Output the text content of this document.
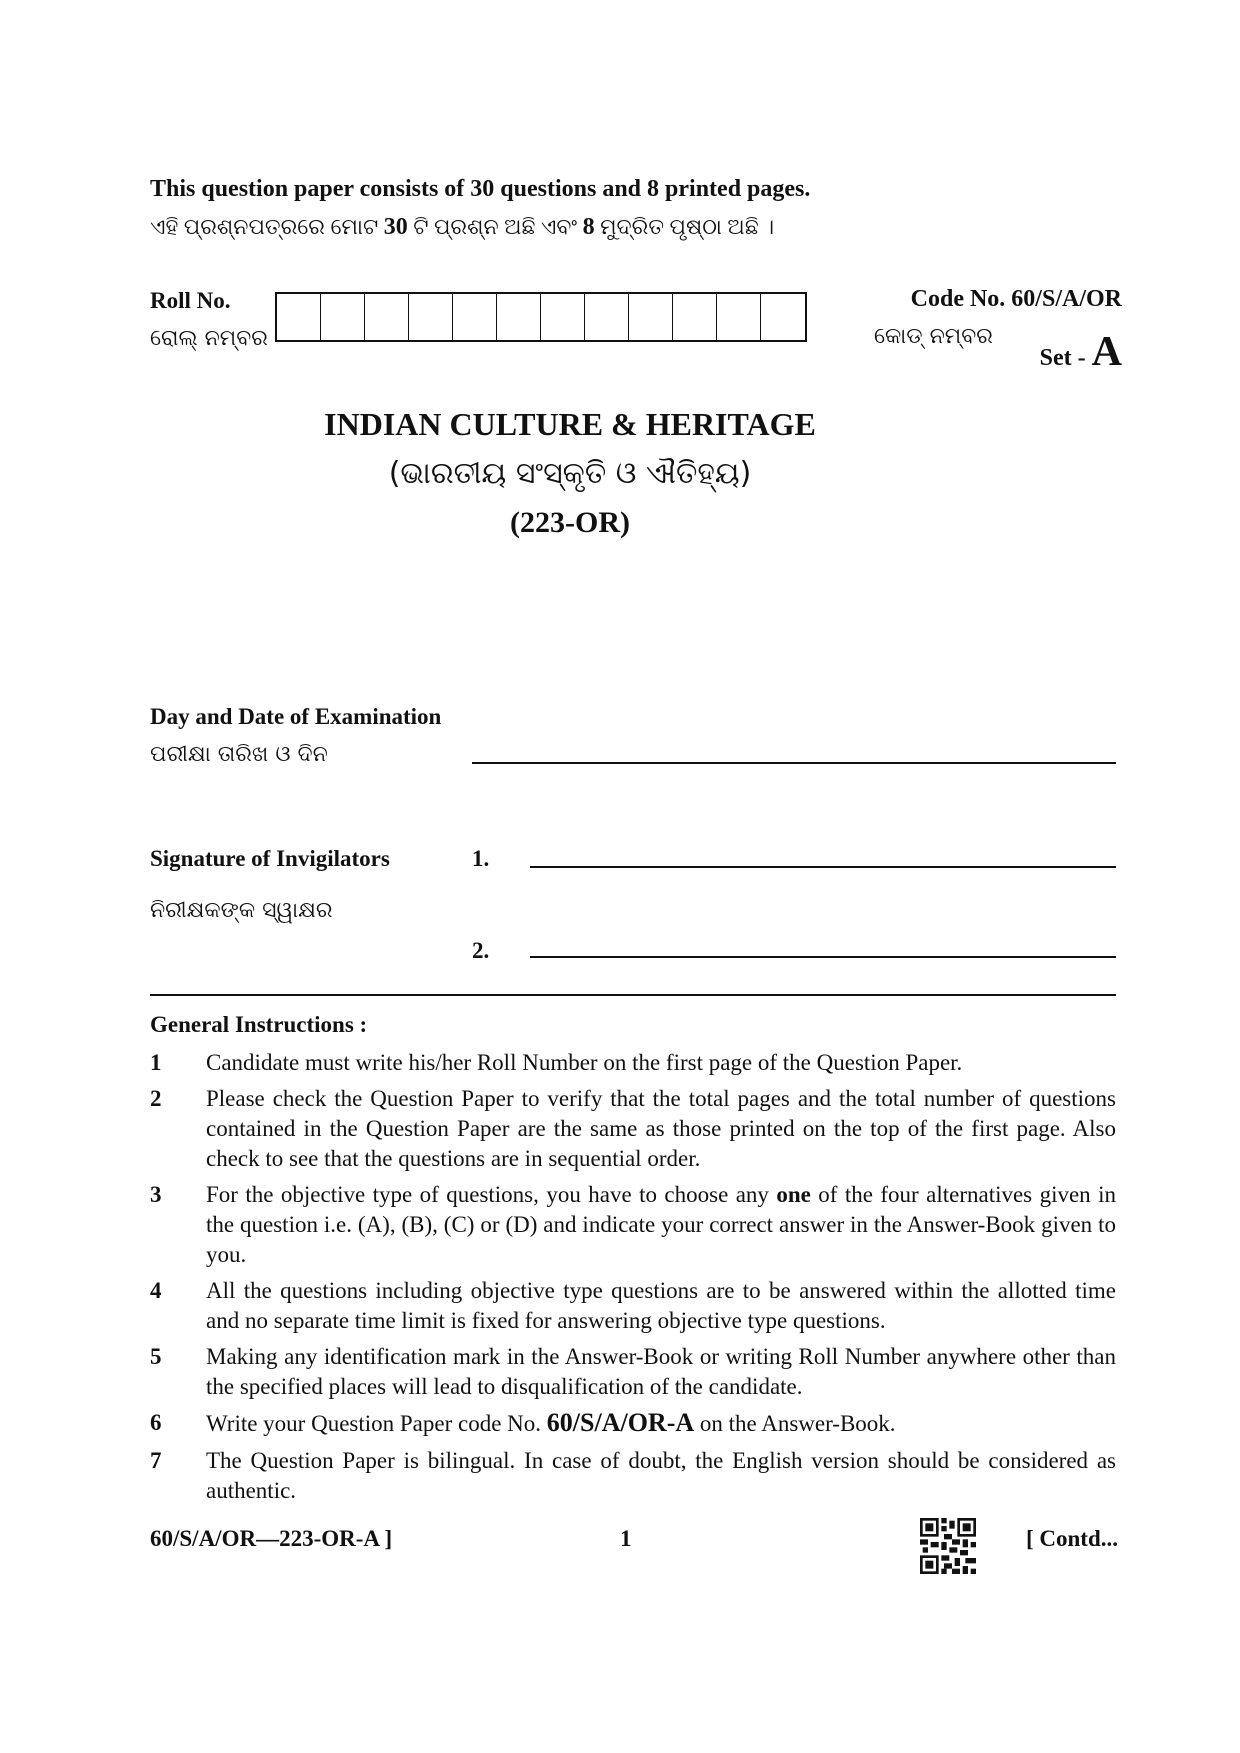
This question paper consists of 30 questions and 8 printed pages.
ଏହି ପ୍ରଶ୍ନପତ୍ରରେ ମୋଟ 30 ଟି ପ୍ରଶ୍ନ ଅଛି ଏବଂ 8 ମୁଦ୍ରିତ ପୃଷ୍ଠା ଅଛି ।
Roll No.
ରୋଲ୍ ନମ୍ବର
Code No. 60/S/A/OR
କୋଡ୍ ନମ୍ବର
Set - A
INDIAN CULTURE & HERITAGE
(ଭାରତୀୟ ସଂସ୍କୃତି ଓ ଐତିହ୍ୟ)
(223-OR)
Day and Date of Examination
ପରୀକ୍ଷା ତାରିଖ ଓ ଦିନ
Signature of Invigilators
ନିରୀକ୍ଷକଙ୍କ ସ୍ୱାକ୍ଷର
1.
2.
General Instructions :
1 Candidate must write his/her Roll Number on the first page of the Question Paper.
2 Please check the Question Paper to verify that the total pages and the total number of questions contained in the Question Paper are the same as those printed on the top of the first page. Also check to see that the questions are in sequential order.
3 For the objective type of questions, you have to choose any one of the four alternatives given in the question i.e. (A), (B), (C) or (D) and indicate your correct answer in the Answer-Book given to you.
4 All the questions including objective type questions are to be answered within the allotted time and no separate time limit is fixed for answering objective type questions.
5 Making any identification mark in the Answer-Book or writing Roll Number anywhere other than the specified places will lead to disqualification of the candidate.
6 Write your Question Paper code No. 60/S/A/OR-A on the Answer-Book.
7 The Question Paper is bilingual. In case of doubt, the English version should be considered as authentic.
60/S/A/OR—223-OR-A ]	1	[ Contd...
